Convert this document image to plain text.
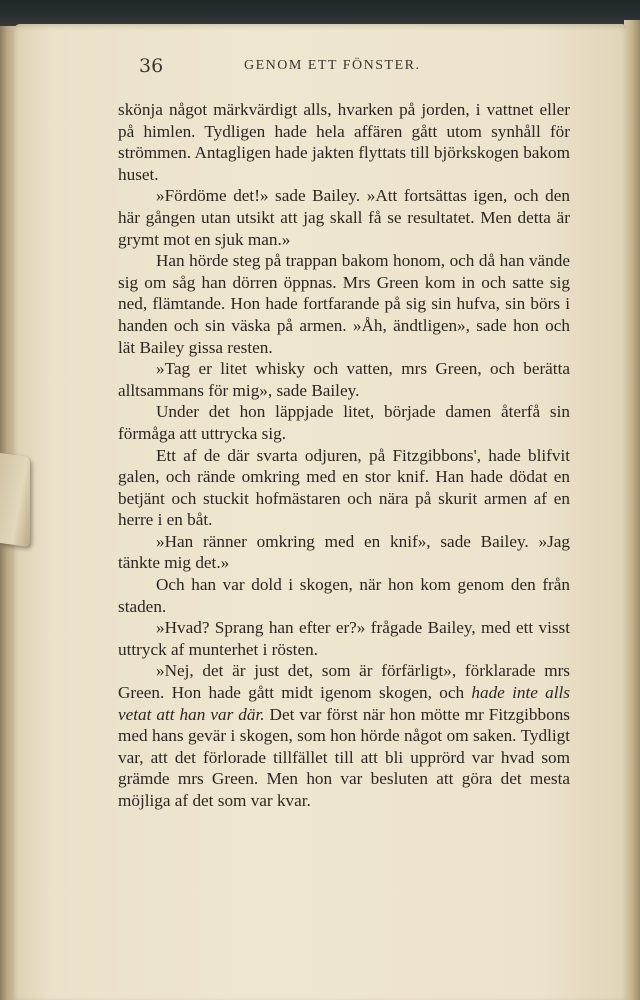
36	GENOM ETT FÖNSTER.

skönja något märkvärdigt alls, hvarken på jorden, i vattnet eller på himlen. Tydligen hade hela affären gått utom synhåll för strömmen. Antagligen hade jakten flyttats till björkskogen bakom huset.

»Fördöme det!» sade Bailey. »Att fortsättas igen, och den här gången utan utsikt att jag skall få se resultatet. Men detta är grymt mot en sjuk man.»

Han hörde steg på trappan bakom honom, och då han vände sig om såg han dörren öppnas. Mrs Green kom in och satte sig ned, flämtande. Hon hade fortfarande på sig sin hufva, sin börs i handen och sin väska på armen. »Åh, ändtligen», sade hon och lät Bailey gissa resten.

»Tag er litet whisky och vatten, mrs Green, och berätta alltsammans för mig», sade Bailey.

Under det hon läppjade litet, började damen återfå sin förmåga att uttrycka sig.

Ett af de där svarta odjuren, på Fitzgibbons', hade blifvit galen, och rände omkring med en stor knif. Han hade dödat en betjänt och stuckit hofmästaren och nära på skurit armen af en herre i en båt.

»Han ränner omkring med en knif», sade Bailey. »Jag tänkte mig det.»

Och han var dold i skogen, när hon kom genom den från staden.

»Hvad? Sprang han efter er?» frågade Bailey, med ett visst uttryck af munterhet i rösten.

»Nej, det är just det, som är förfärligt», förklarade mrs Green. Hon hade gått midt igenom skogen, och hade inte alls vetat att han var där. Det var först när hon mötte mr Fitzgibbons med hans gevär i skogen, som hon hörde något om saken. Tydligt var, att det förlorade tillfället till att bli upprörd var hvad som grämde mrs Green. Men hon var besluten att göra det mesta möjliga af det som var kvar.
